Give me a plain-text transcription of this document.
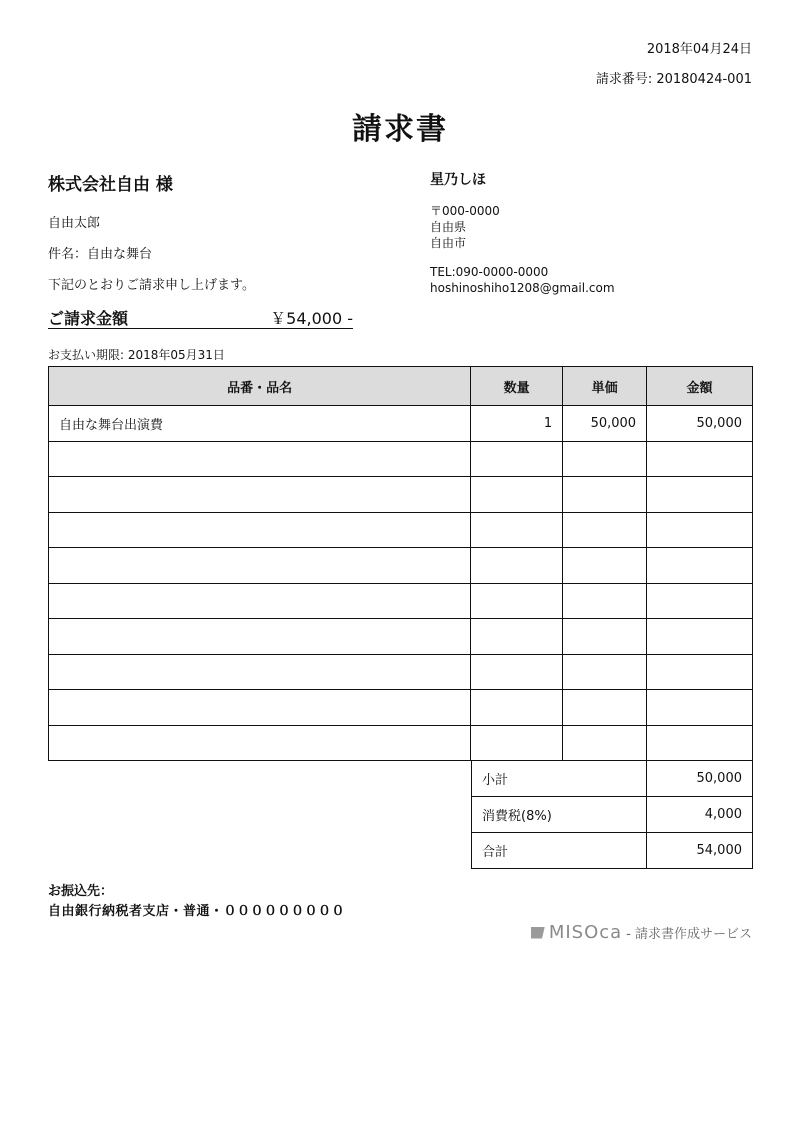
2018年04月24日
請求番号: 20180424-001
請求書
株式会社自由 様
自由太郎
件名：自由な舞台
下記のとおりご請求申し上げます。
ご請求金額	￥54,000 -
お支払い期限: 2018年05月31日
星乃しほ
〒000-0000
自由県
自由市
TEL:090-0000-0000
hoshinoshiho1208@gmail.com
品番・品名	数量	単価	金額
自由な舞台出演費	1	50,000	50,000

小計	50,000
消費税(8%)	4,000
合計	54,000
お振込先：
自由銀行納税者支店・普通・０００００００００
MISOca - 請求書作成サービス
